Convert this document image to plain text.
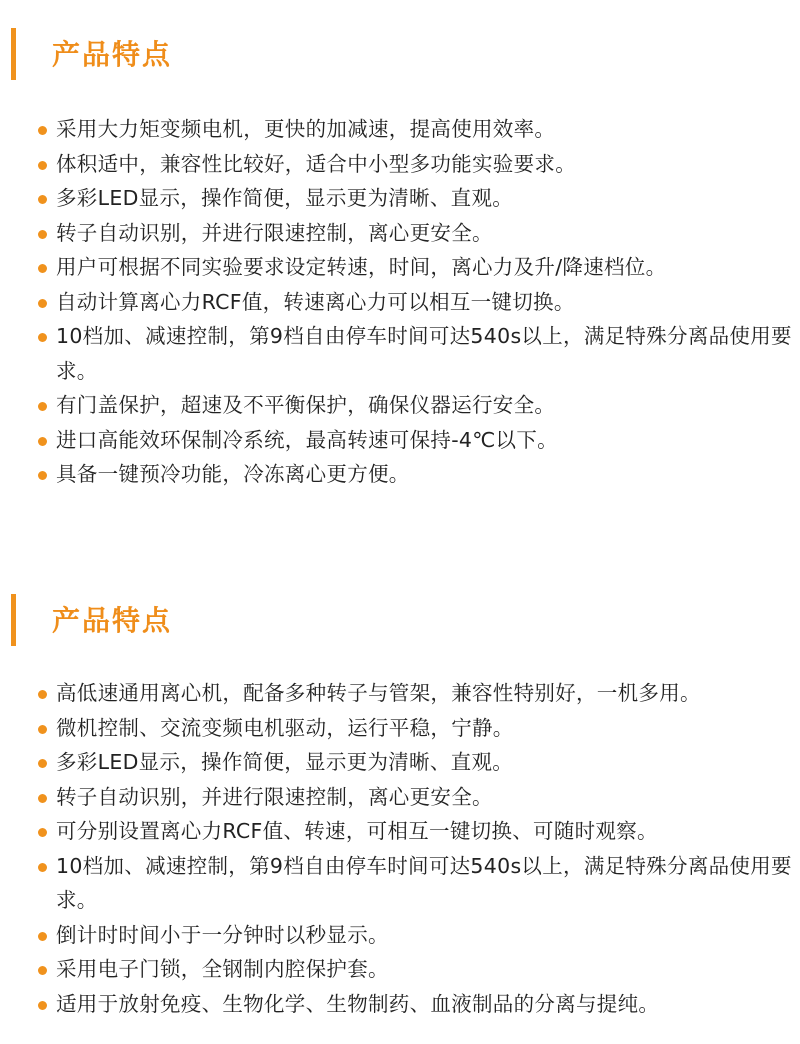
产品特点
采用大力矩变频电机，更快的加减速，提高使用效率。
体积适中，兼容性比较好，适合中小型多功能实验要求。
多彩LED显示，操作简便，显示更为清晰、直观。
转子自动识别，并进行限速控制，离心更安全。
用户可根据不同实验要求设定转速，时间，离心力及升/降速档位。
自动计算离心力RCF值，转速离心力可以相互一键切换。
10档加、减速控制，第9档自由停车时间可达540s以上，满足特殊分离品使用要求。
有门盖保护，超速及不平衡保护，确保仪器运行安全。
进口高能效环保制冷系统，最高转速可保持-4℃以下。
具备一键预冷功能，冷冻离心更方便。
产品特点
高低速通用离心机，配备多种转子与管架，兼容性特别好，一机多用。
微机控制、交流变频电机驱动，运行平稳，宁静。
多彩LED显示，操作简便，显示更为清晰、直观。
转子自动识别，并进行限速控制，离心更安全。
可分别设置离心力RCF值、转速，可相互一键切换、可随时观察。
10档加、减速控制，第9档自由停车时间可达540s以上，满足特殊分离品使用要求。
倒计时时间小于一分钟时以秒显示。
采用电子门锁，全钢制内腔保护套。
适用于放射免疫、生物化学、生物制药、血液制品的分离与提纯。
